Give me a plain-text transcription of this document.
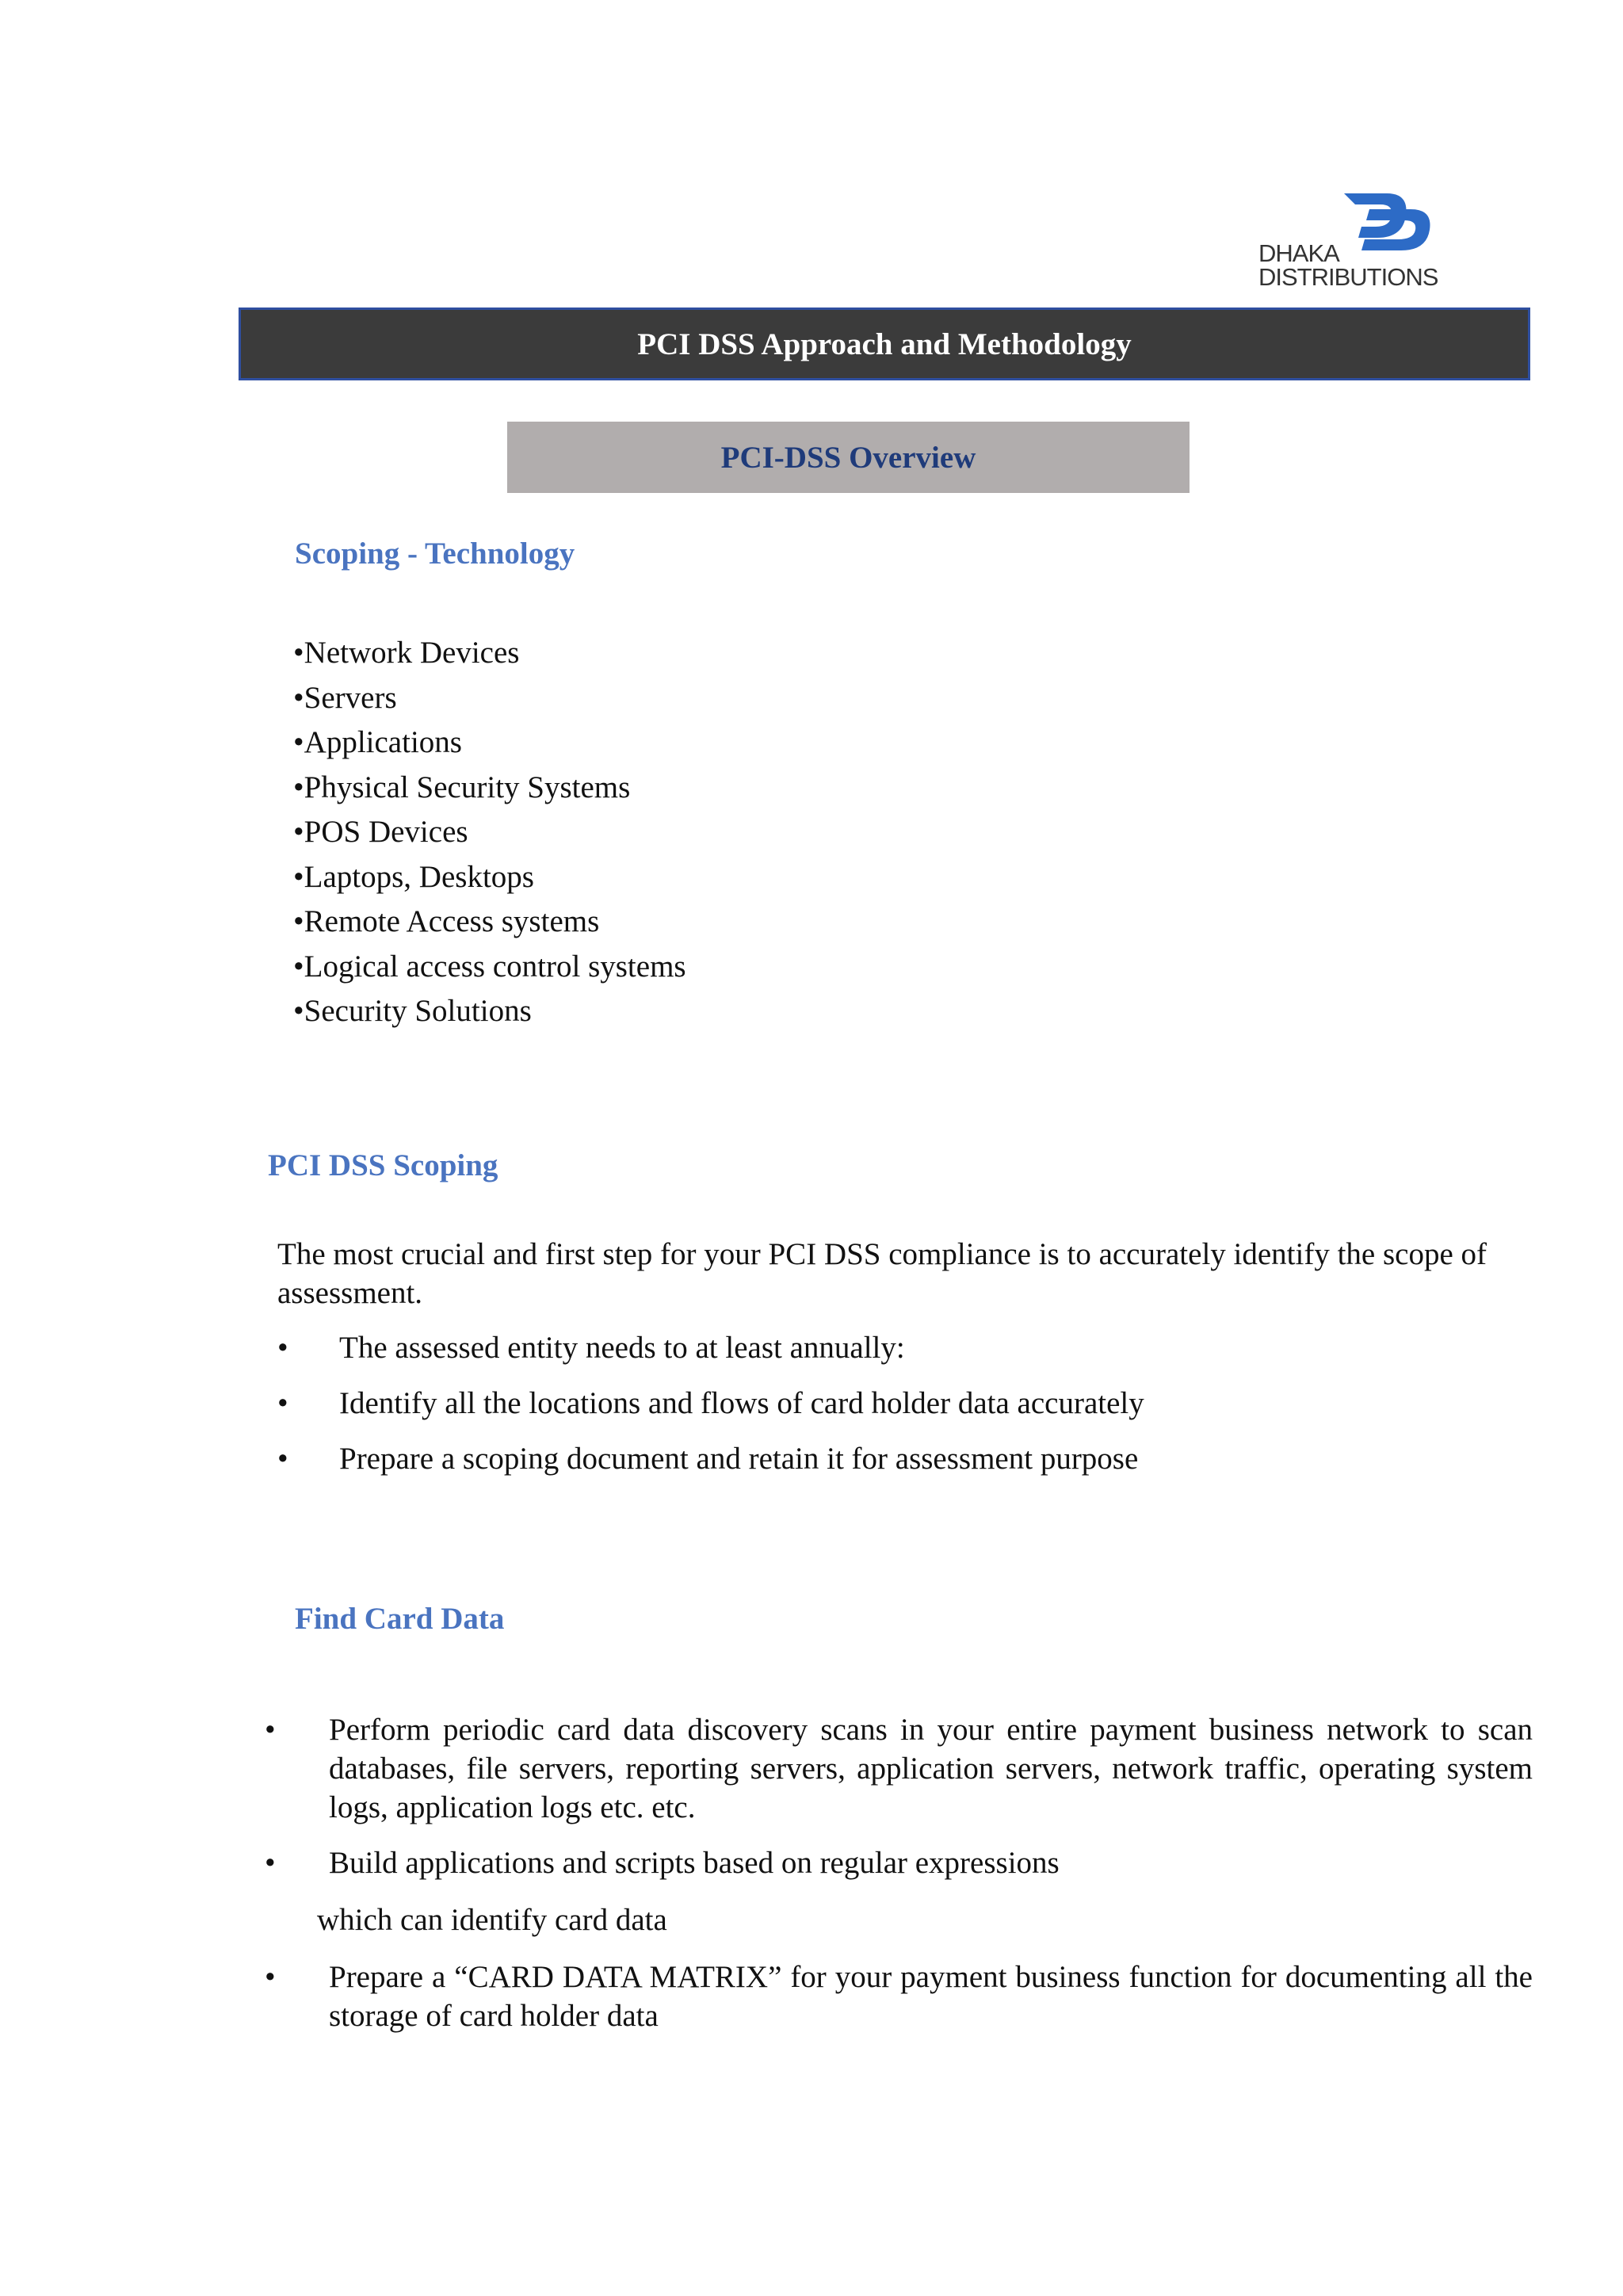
DHAKA
DISTRIBUTIONS
PCI DSS Approach and Methodology
PCI-DSS Overview
Scoping - Technology
•Network Devices
•Servers
•Applications
•Physical Security Systems
•POS Devices
•Laptops, Desktops
•Remote Access systems
•Logical access control systems
•Security Solutions
PCI DSS Scoping

The most crucial and first step for your PCI DSS compliance is to accurately identify the scope of assessment.

• The assessed entity needs to at least annually:
• Identify all the locations and flows of card holder data accurately
• Prepare a scoping document and retain it for assessment purpose
Find Card Data
• Perform periodic card data discovery scans in your entire payment business network to scan databases, file servers, reporting servers, application servers, network traffic, operating system logs, application logs etc. etc.
• Build applications and scripts based on regular expressions
which can identify card data
• Prepare a “CARD DATA MATRIX” for your payment business function for documenting all the storage of card holder data
